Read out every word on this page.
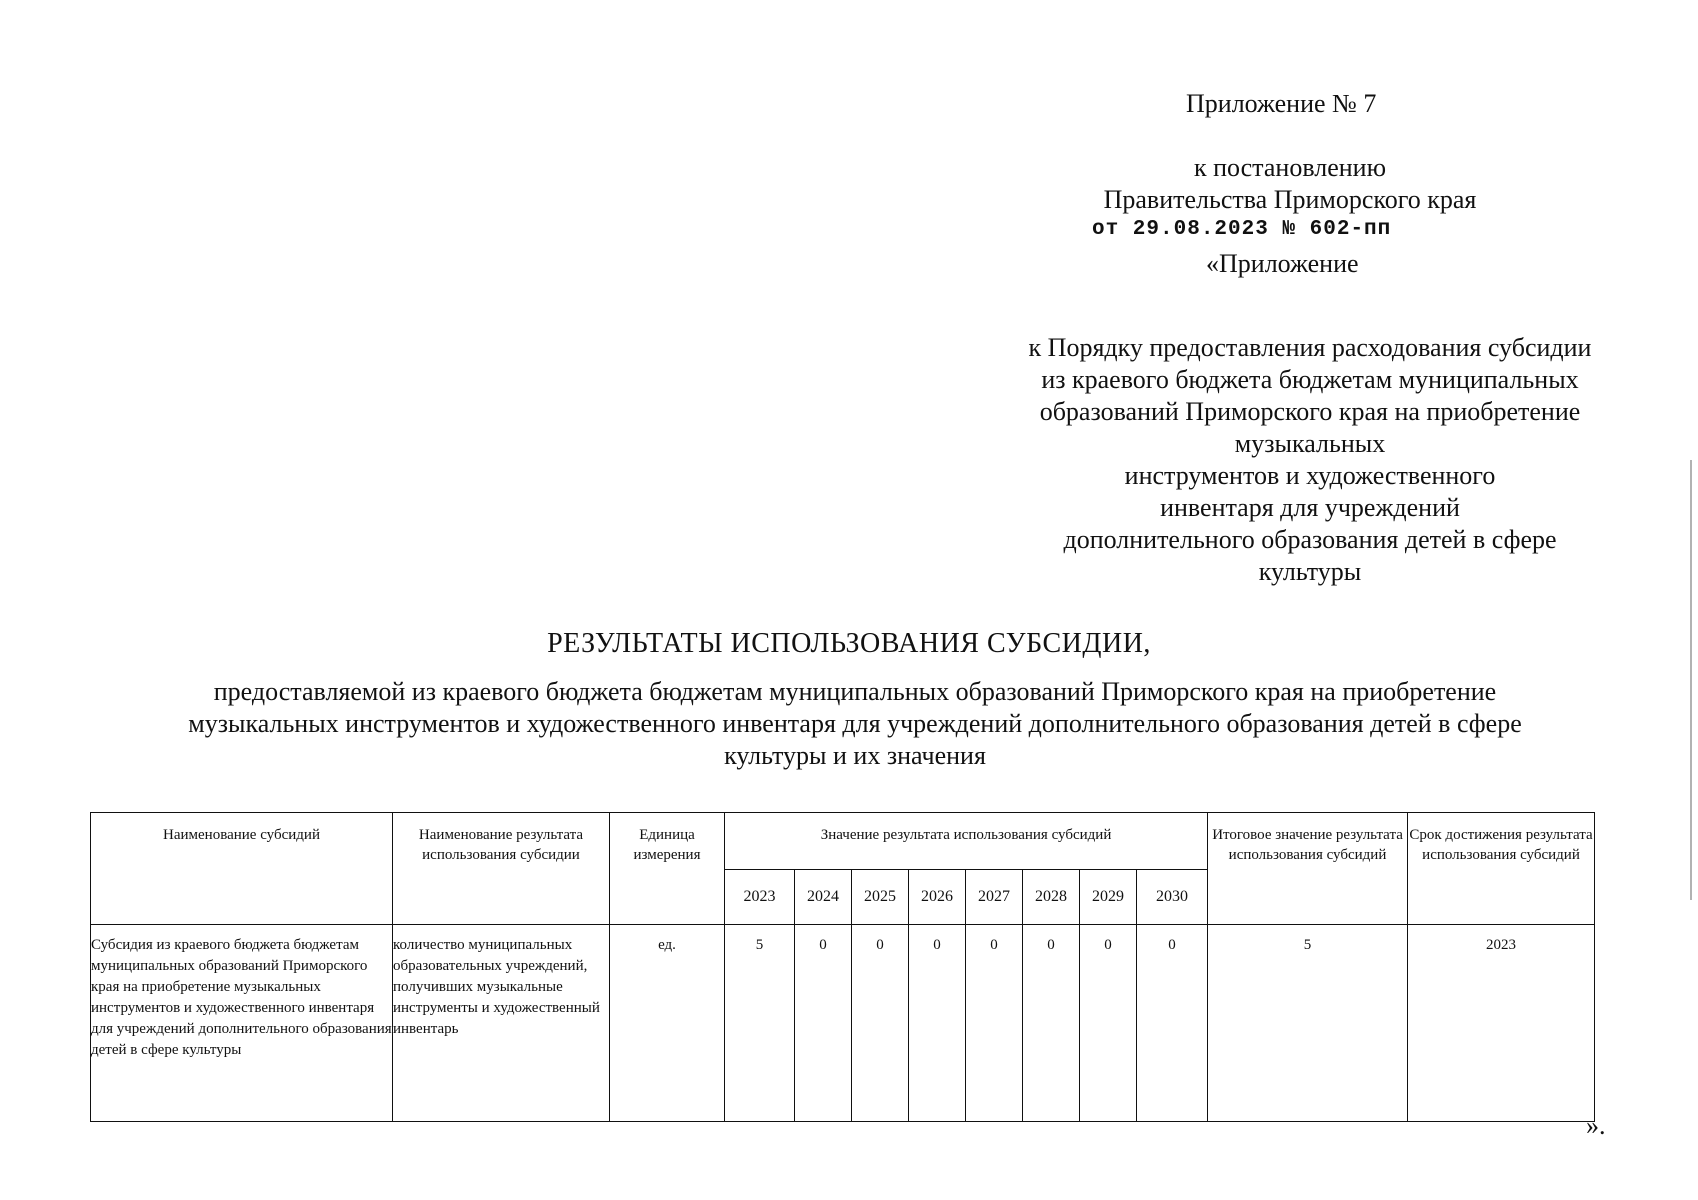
Приложение № 7
к постановлению
Правительства Приморского края
от 29.08.2023 № 602-пп
«Приложение
к Порядку предоставления расходования субсидии
из краевого бюджета бюджетам муниципальных
образований Приморского края на приобретение
музыкальных
инструментов и художественного
инвентаря для учреждений
дополнительного образования детей в сфере
культуры
РЕЗУЛЬТАТЫ ИСПОЛЬЗОВАНИЯ СУБСИДИИ,
предоставляемой из краевого бюджета бюджетам муниципальных образований Приморского края на приобретение
музыкальных инструментов и художественного инвентаря для учреждений дополнительного образования детей в сфере
культуры и их значения
Наименование субсидий	Наименование результата использования субсидии	Единица измерения	Значение результата использования субсидий								Итоговое значение результата использования субсидий	Срок достижения результата использования субсидий
			2023	2024	2025	2026	2027	2028	2029	2030		
Субсидия из краевого бюджета бюджетам муниципальных образований Приморского края на приобретение музыкальных инструментов и художественного инвентаря для учреждений дополнительного образования детей в сфере культуры	количество муниципальных образовательных учреждений, получивших музыкальные инструменты и художественный инвентарь	ед.	5	0	0	0	0	0	0	0	5	2023
».
